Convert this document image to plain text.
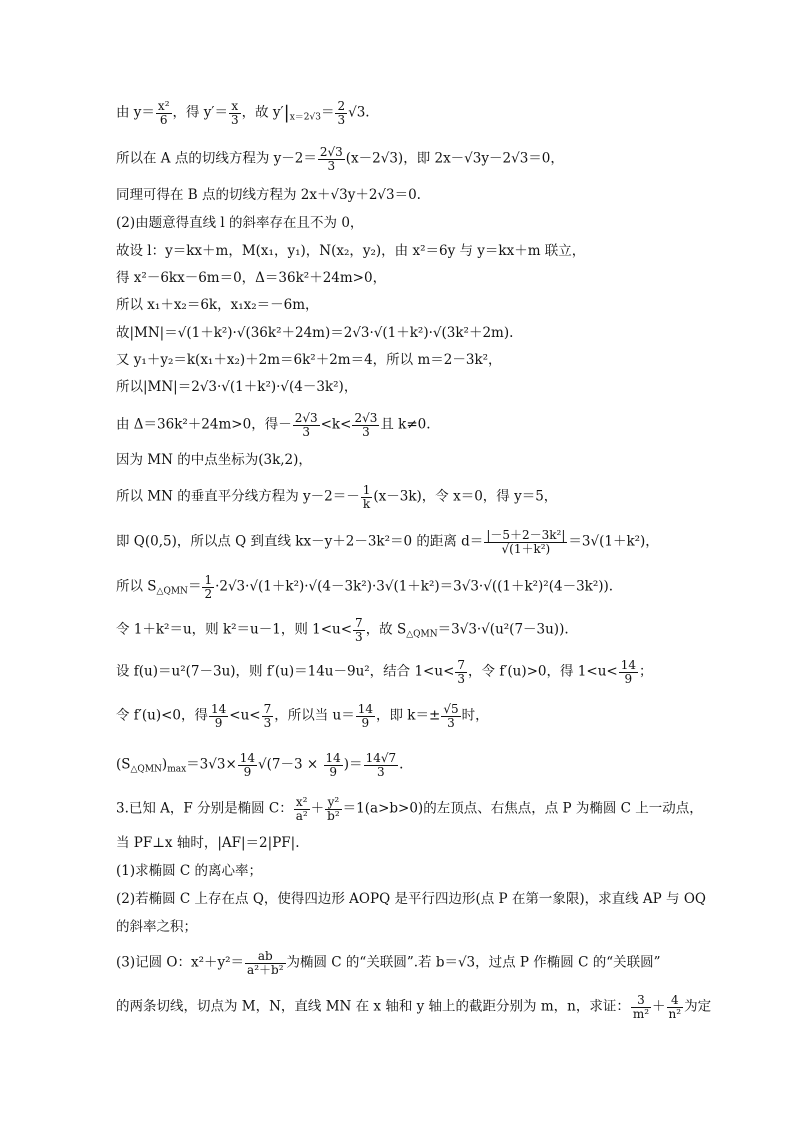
由 $y= \frac{\text{x²}}{6}$ ，得 $y'= \frac{x}{3}$ ，故 $y'|_{x=2√3}= \frac{2}{3} √3$.
所以在 A 点的切线方程为 $y-2= \frac{2√3}{3} (x-2√3)$，即 2x－√3y－2√3＝0，
同理可得在 B 点的切线方程为 2x＋√3y＋2√3＝0.
(2)由题意得直线 l 的斜率存在且不为 0，
故设 l：y＝kx＋m，M(x₁，y₁)，N(x₂，y₂)，由 x²＝6y 与 y＝kx＋m 联立，
得 x²－6kx－6m＝0，Δ＝36k²＋24m>0，
所以 x₁＋x₂＝6k，x₁x₂＝－6m，
故|MN|＝√(1＋k²)·√(36k²＋24m)＝2√3·√(1＋k²)·√(3k²＋2m).
又 y₁＋y₂＝k(x₁＋x₂)＋2m＝6k²＋2m＝4，所以 m＝2－3k²，
所以|MN|＝2√3·√(1＋k²)·√(4－3k²)，
由 Δ＝36k²＋24m>0，得－ $\frac{2√3}{3} <k< \frac{2√3}{3}$ 且 k≠0.
因为 MN 的中点坐标为(3k,2)，
所以 MN 的垂直平分线方程为 $y-2=- \frac{1}{k} (x-3k)$，令 x＝0，得 y＝5，
即 Q(0,5)，所以点 Q 到直线 kx－y＋2－3k²＝0 的距离 $d= \frac{\text{|－5＋2－3k²|}}{\text{√(1＋k²)}} =3√(1+k^2)$，
所以 $S_{\triangle QMN}= \frac{1}{2} \cdot 2√3\cdot√(1+k^2)\cdot√(4-3k^2)\cdot 3√(1+k^2)=3√3\cdot√((1+k^2)^2(4-3k^2))$.
令 1＋k²＝u，则 k²＝u－1，则 $1<u< \frac{7}{3}$ ，故 $S_{\triangle QMN}=3√3\cdot√(u^2(7-3u))$.
设 f(u)＝u²(7－3u)，则 f′(u)＝14u－9u²，结合 $1<u< \frac{7}{3}$ ，令 f′(u)>0，得 $1<u< \frac{14}{9}$ ；
令 f′(u)<0，得 $\frac{14}{9} <u< \frac{7}{3}$ ，所以当 $u= \frac{14}{9}$ ，即 $k=\pm \frac{√5}{3}$ 时，
$(S_{\triangle QMN})_{max}=3√3\times \frac{14}{9} √(7-3 \times \frac{14}{9}$ )＝ $\frac{14√7}{3}$ .
3.已知 A，F 分别是椭圆 C： $\frac{\text{x²}}{\text{a²}} + \frac{\text{y²}}{\text{b²}} =1(a>b>0)$的左顶点、右焦点，点 P 为椭圆 C 上一动点，
当 PF⊥x 轴时，|AF|＝2|PF|.
(1)求椭圆 C 的离心率；
(2)若椭圆 C 上存在点 Q，使得四边形 AOPQ 是平行四边形(点 P 在第一象限)，求直线 AP 与 OQ
的斜率之积；
(3)记圆 O：$x^2+y^2= \frac{ab}{\text{a²＋b²}}$ 为椭圆 C 的“关联圆”.若 b＝√3，过点 P 作椭圆 C 的“关联圆”
的两条切线，切点为 M，N，直线 MN 在 x 轴和 y 轴上的截距分别为 m，n，求证： $\frac{3}{\text{m²}} + \frac{4}{\text{n²}}$ 为定
